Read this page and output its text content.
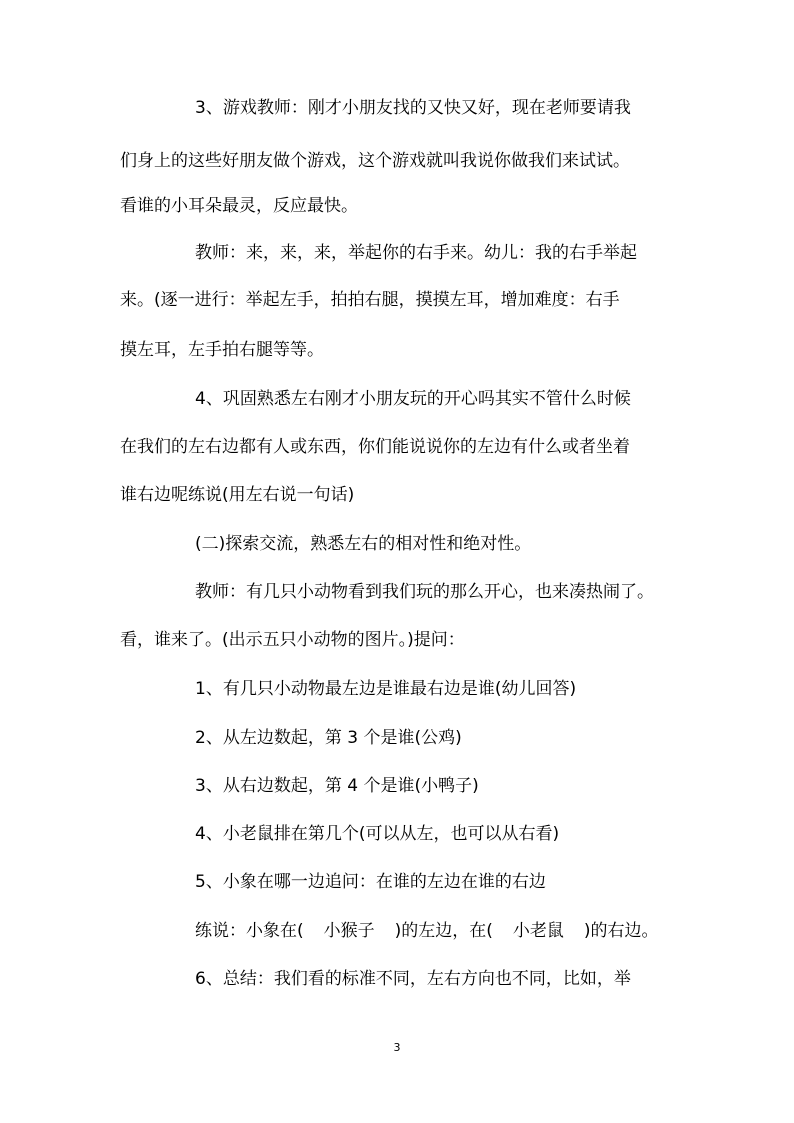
3、游戏教师：刚才小朋友找的又快又好，现在老师要请我
们身上的这些好朋友做个游戏，这个游戏就叫我说你做我们来试试。
看谁的小耳朵最灵，反应最快。
教师：来，来，来，举起你的右手来。幼儿：我的右手举起
来。(逐一进行：举起左手，拍拍右腿，摸摸左耳，增加难度：右手
摸左耳，左手拍右腿等等。
4、巩固熟悉左右刚才小朋友玩的开心吗其实不管什么时候
在我们的左右边都有人或东西，你们能说说你的左边有什么或者坐着
谁右边呢练说(用左右说一句话)
(二)探索交流，熟悉左右的相对性和绝对性。
教师：有几只小动物看到我们玩的那么开心，也来凑热闹了。
看，谁来了。(出示五只小动物的图片。)提问：
1、有几只小动物最左边是谁最右边是谁(幼儿回答)
2、从左边数起，第 3 个是谁(公鸡)
3、从右边数起，第 4 个是谁(小鸭子)
4、小老鼠排在第几个(可以从左，也可以从右看)
5、小象在哪一边追问：在谁的左边在谁的右边
练说：小象在( 小猴子 )的左边，在( 小老鼠 )的右边。
6、总结：我们看的标准不同，左右方向也不同，比如，举
3
